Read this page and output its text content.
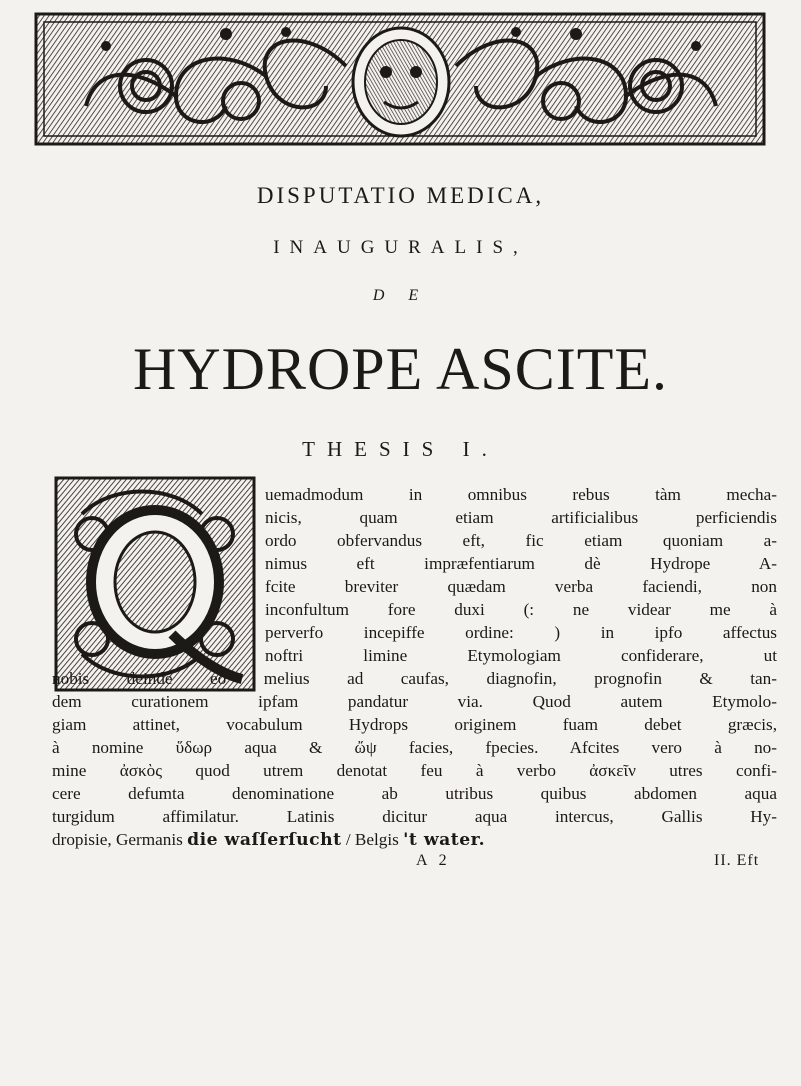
DISPUTATIO MEDICA,
INAUGURALIS,
D E
HYDROPE ASCITE.
THESIS I.
uemadmodum in omnibus rebus tàm mecha-
nicis, quam etiam artificialibus perficiendis
ordo obfervandus eft, fic etiam quoniam a-
nimus eft impræfentiarum dè Hydrope A-
fcite breviter quædam verba faciendi, non
inconfultum fore duxi (: ne videar me à
perverfo incepiffe ordine: ) in ipfo affectus
noftri limine Etymologiam confiderare, ut
nobis deinde eo melius ad caufas, diagnofin, prognofin & tan-
dem curationem ipfam pandatur via. Quod autem Etymolo-
giam attinet, vocabulum Hydrops originem fuam debet græcis,
à nomine ὕδωρ aqua & ὤψ facies, fpecies. Afcites vero à no-
mine ἀσκὸς quod utrem denotat feu à verbo ἀσκεῖν utres confi-
cere defumta denominatione ab utribus quibus abdomen aqua
turgidum affimilatur. Latinis dicitur aqua intercus, Gallis Hy-
dropisie, Germanis die waſſerſucht / Belgis 't water.
A 2	II. Eft
